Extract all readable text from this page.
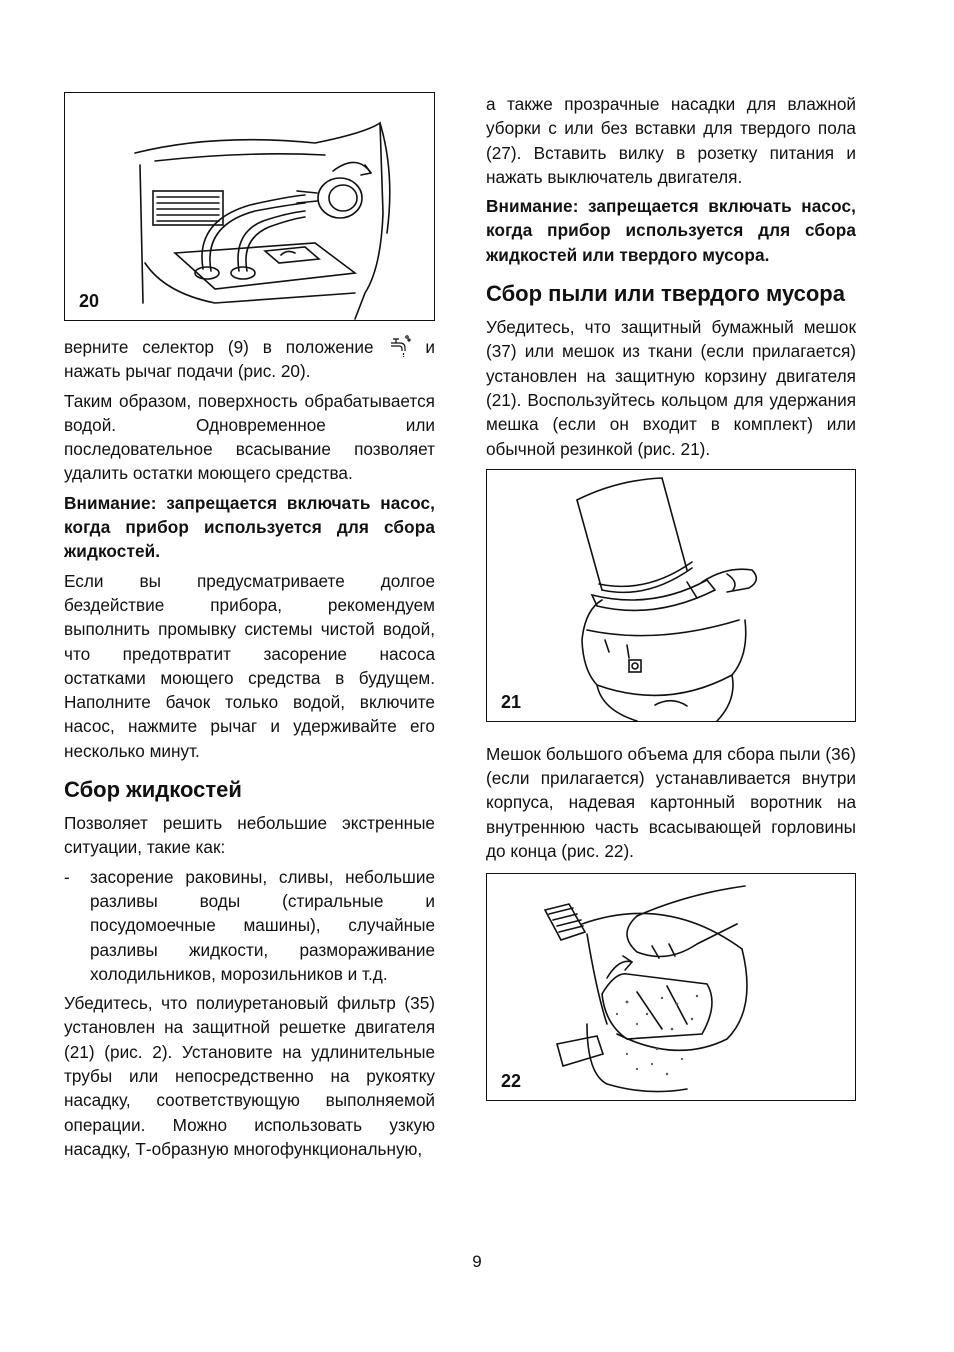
20

верните селектор (9) в положение  и нажать рычаг подачи (рис. 20).

Таким образом, поверхность обрабатывается водой. Одновременное или последовательное всасывание позволяет удалить остатки моющего средства.

Внимание: запрещается включать насос, когда прибор используется для сбора жидкостей.

Если вы предусматриваете долгое бездействие прибора, рекомендуем выполнить промывку системы чистой водой, что предотвратит засорение насоса остатками моющего средства в будущем. Наполните бачок только водой, включите насос, нажмите рычаг и удерживайте его несколько минут.

Сбор жидкостей

Позволяет решить небольшие экстренные ситуации, такие как:

- засорение раковины, сливы, небольшие разливы воды (стиральные и посудомоечные машины), случайные разливы жидкости, размораживание холодильников, морозильников и т.д.

Убедитесь, что полиуретановый фильтр (35) установлен на защитной решетке двигателя (21) (рис. 2). Установите на удлинительные трубы или непосредственно на рукоятку насадку, соответствующую выполняемой операции. Можно использовать узкую насадку, Т-образную многофункциональную,

а также прозрачные насадки для влажной уборки с или без вставки для твердого пола (27). Вставить вилку в розетку питания и нажать выключатель двигателя.

Внимание: запрещается включать насос, когда прибор используется для сбора жидкостей или твердого мусора.

Сбор пыли или твердого мусора

Убедитесь, что защитный бумажный мешок (37) или мешок из ткани (если прилагается) установлен на защитную корзину двигателя (21). Воспользуйтесь кольцом для удержания мешка (если он входит в комплект) или обычной резинкой (рис. 21).

21

Мешок большого объема для сбора пыли (36) (если прилагается) устанавливается внутри корпуса, надевая картонный воротник на внутреннюю часть всасывающей горловины до конца (рис. 22).

22
9
